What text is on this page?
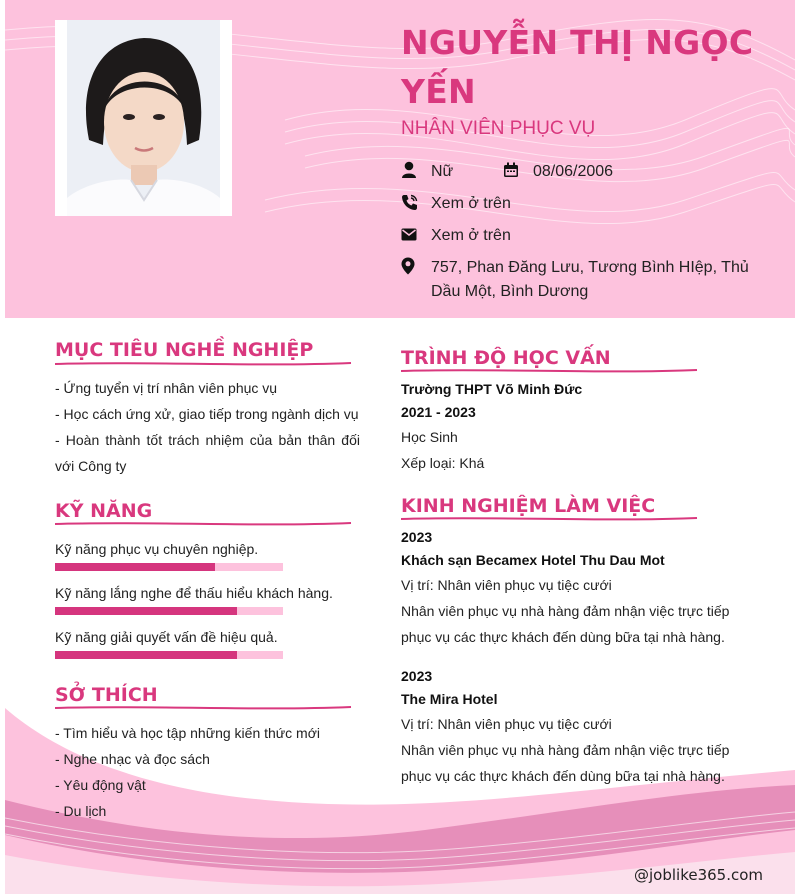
NGUYỄN THỊ NGỌC YẾN
NHÂN VIÊN PHỤC VỤ
Nữ	08/06/2006
Xem ở trên
Xem ở trên
757, Phan Đăng Lưu, Tương Bình HIệp, Thủ Dầu Một, Bình Dương
MỤC TIÊU NGHỀ NGHIỆP
- Ứng tuyển vị trí nhân viên phục vụ
- Học cách ứng xử, giao tiếp trong ngành dịch vụ
- Hoàn thành tốt trách nhiệm của bản thân đối với Công ty
KỸ NĂNG
Kỹ năng phục vụ chuyên nghiệp.
Kỹ năng lắng nghe để thấu hiểu khách hàng.
Kỹ năng giải quyết vấn đề hiệu quả.
SỞ THÍCH
- Tìm hiểu và học tập những kiến thức mới
- Nghe nhạc và đọc sách
- Yêu động vật
- Du lịch
TRÌNH ĐỘ HỌC VẤN
Trường THPT Võ Minh Đức
2021 - 2023
Học Sinh
Xếp loại: Khá
KINH NGHIỆM LÀM VIỆC
2023
Khách sạn Becamex Hotel Thu Dau Mot
Vị trí: Nhân viên phục vụ tiệc cưới
Nhân viên phục vụ nhà hàng đảm nhận việc trực tiếp phục vụ các thực khách đến dùng bữa tại nhà hàng.
2023
The Mira Hotel
Vị trí: Nhân viên phục vụ tiệc cưới
Nhân viên phục vụ nhà hàng đảm nhận việc trực tiếp phục vụ các thực khách đến dùng bữa tại nhà hàng.
@joblike365.com
